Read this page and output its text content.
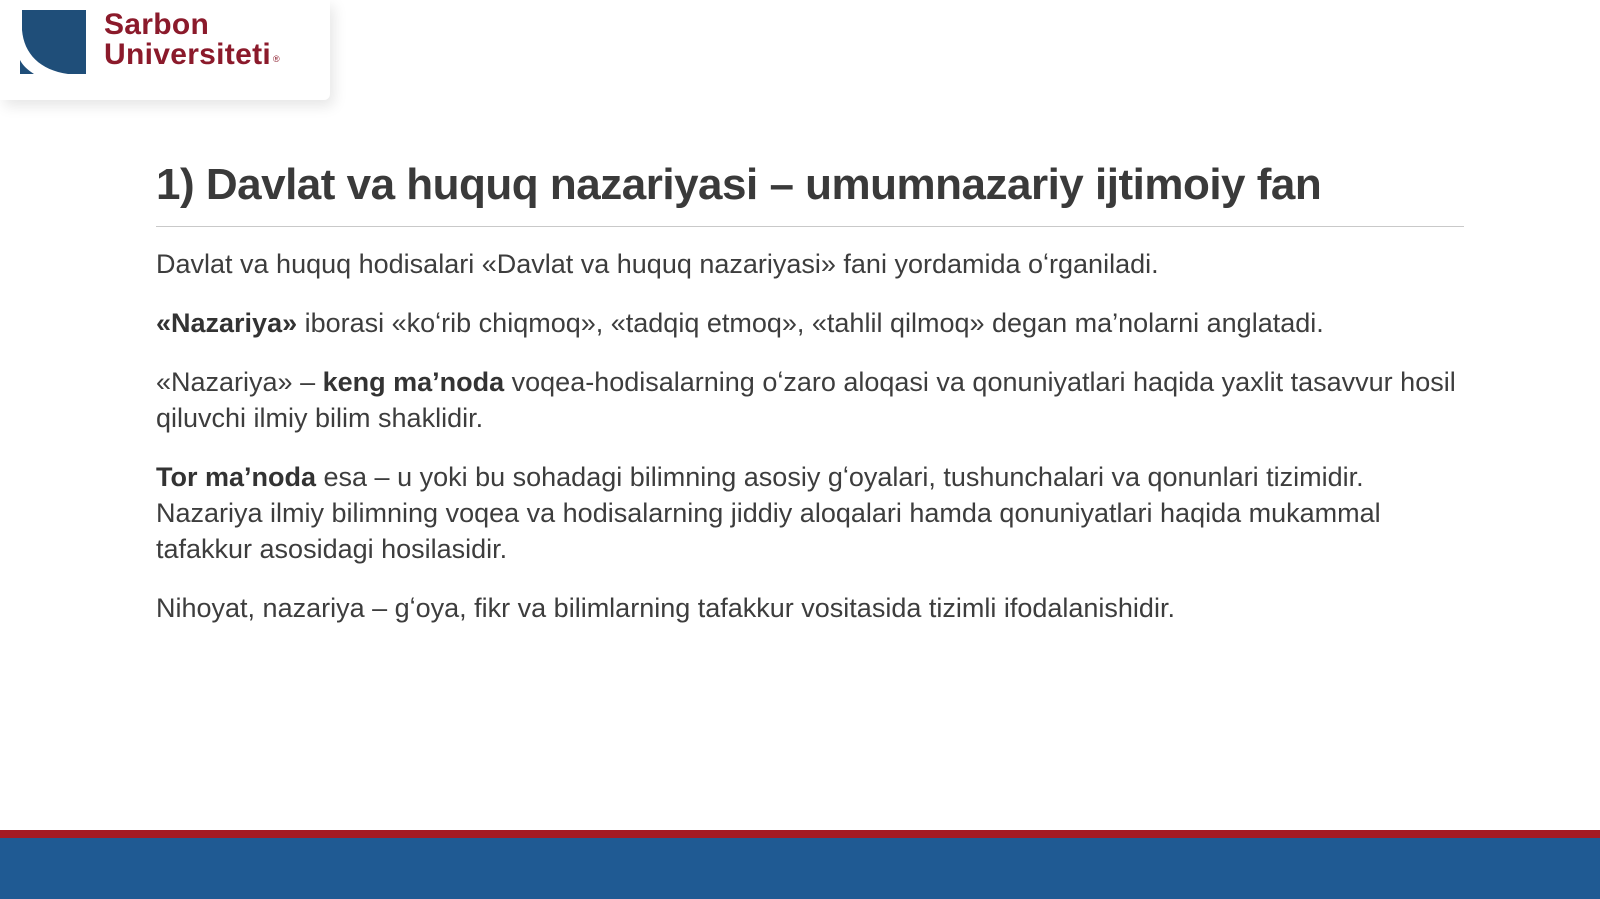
Sarbon
Universiteti ®
1) Davlat va huquq nazariyasi – umumnazariy ijtimoiy fan

Davlat va huquq hodisalari «Davlat va huquq nazariyasi» fani yordamida oʻrganiladi.

«Nazariya» iborasi «koʻrib chiqmoq», «tadqiq etmoq», «tahlil qilmoq» degan ma’nolarni anglatadi.

«Nazariya» – keng ma’noda voqea-hodisalarning oʻzaro aloqasi va qonuniyatlari haqida yaxlit tasavvur hosil qiluvchi ilmiy bilim shaklidir.

Tor ma’noda esa – u yoki bu sohadagi bilimning asosiy gʻoyalari, tushunchalari va qonunlari tizimidir. Nazariya ilmiy bilimning voqea va hodisalarning jiddiy aloqalari hamda qonuniyatlari haqida mukammal tafakkur asosidagi hosilasidir.

Nihoyat, nazariya – gʻoya, fikr va bilimlarning tafakkur vositasida tizimli ifodalanishidir.
